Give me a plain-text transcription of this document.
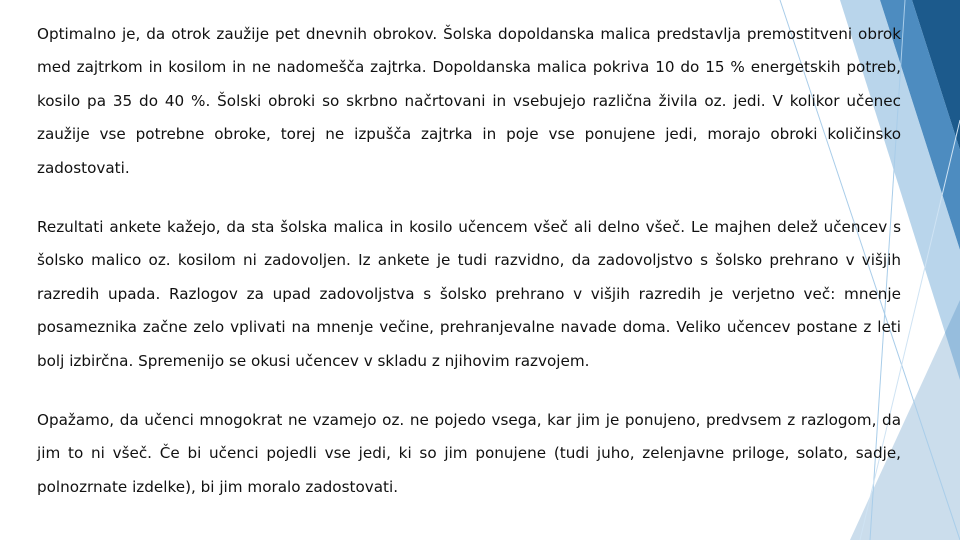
Optimalno je, da otrok zaužije pet dnevnih obrokov. Šolska dopoldanska malica predstavlja premostitveni obrok med zajtrkom in kosilom in ne nadomešča zajtrka. Dopoldanska malica pokriva 10 do 15 % energetskih potreb, kosilo pa 35 do 40 %. Šolski obroki so skrbno načrtovani in vsebujejo različna živila oz. jedi. V kolikor učenec zaužije vse potrebne obroke, torej ne izpušča zajtrka in poje vse ponujene jedi, morajo obroki količinsko zadostovati.

Rezultati ankete kažejo, da sta šolska malica in kosilo učencem všeč ali delno všeč. Le majhen delež učencev s šolsko malico oz. kosilom ni zadovoljen. Iz ankete je tudi razvidno, da zadovoljstvo s šolsko prehrano v višjih razredih upada. Razlogov za upad zadovoljstva s šolsko prehrano v višjih razredih je verjetno več: mnenje posameznika začne zelo vplivati na mnenje večine, prehranjevalne navade doma. Veliko učencev postane z leti bolj izbirčna. Spremenijo se okusi učencev v skladu z njihovim razvojem.

Opažamo, da učenci mnogokrat ne vzamejo oz. ne pojedo vsega, kar jim je ponujeno, predvsem z razlogom, da jim to ni všeč. Če bi učenci pojedli vse jedi, ki so jim ponujene (tudi juho, zelenjavne priloge, solato, sadje, polnozrnate izdelke), bi jim moralo zadostovati.
